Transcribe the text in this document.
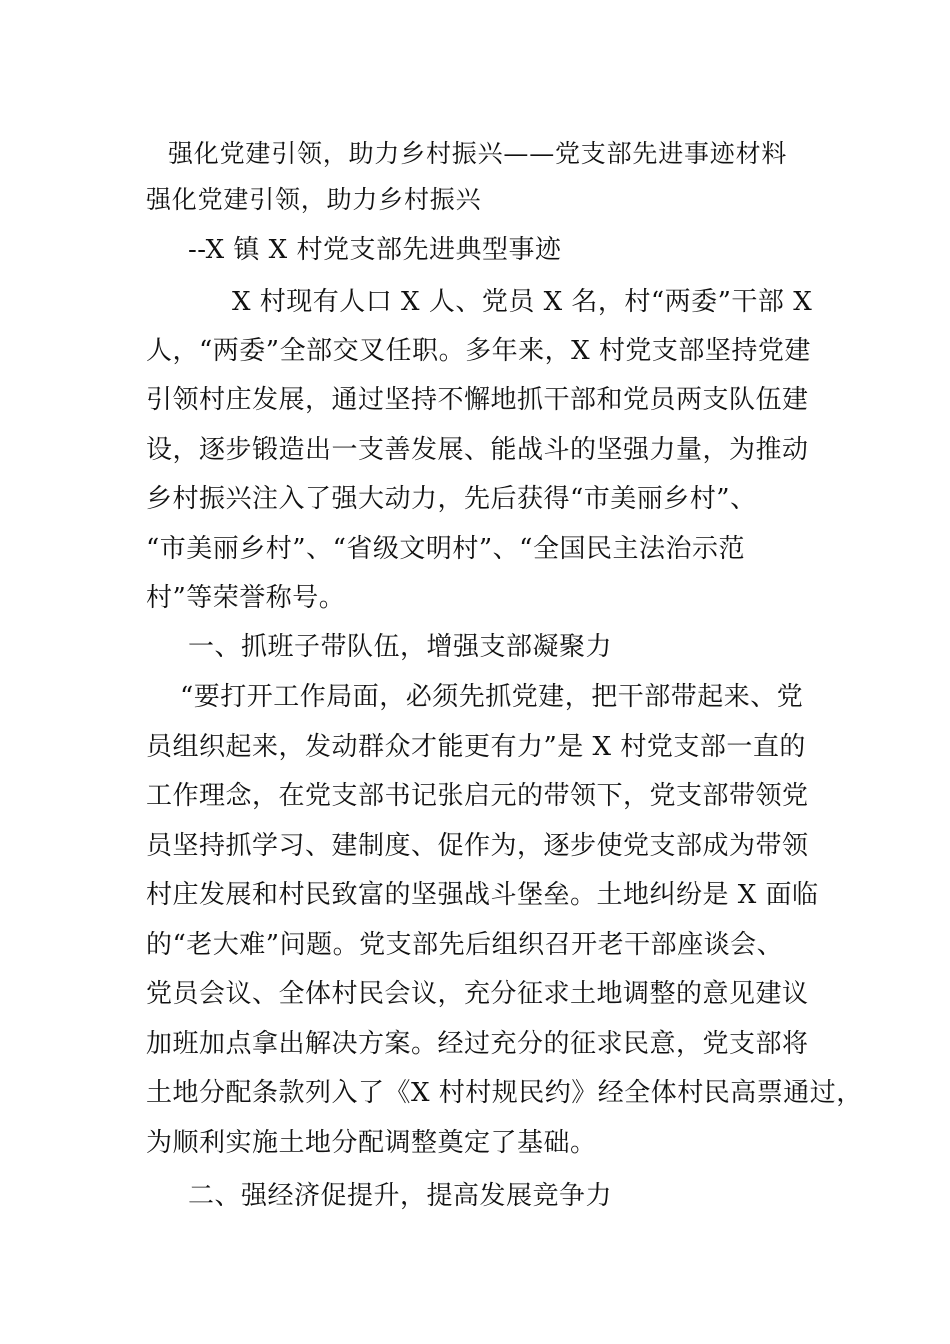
强化党建引领，助力乡村振兴——党支部先进事迹材料
强化党建引领，助力乡村振兴
--X 镇 X 村党支部先进典型事迹
X 村现有人口 X 人、党员 X 名，村“两委”干部 X
人，“两委”全部交叉任职。多年来，X 村党支部坚持党建
引领村庄发展，通过坚持不懈地抓干部和党员两支队伍建
设，逐步锻造出一支善发展、能战斗的坚强力量，为推动
乡村振兴注入了强大动力，先后获得“市美丽乡村”、
“市美丽乡村”、“省级文明村”、“全国民主法治示范
村”等荣誉称号。
一、抓班子带队伍，增强支部凝聚力
“要打开工作局面，必须先抓党建，把干部带起来、党
员组织起来，发动群众才能更有力”是 X 村党支部一直的
工作理念，在党支部书记张启元的带领下，党支部带领党
员坚持抓学习、建制度、促作为，逐步使党支部成为带领
村庄发展和村民致富的坚强战斗堡垒。土地纠纷是 X 面临
的“老大难”问题。党支部先后组织召开老干部座谈会、
党员会议、全体村民会议，充分征求土地调整的意见建议
加班加点拿出解决方案。经过充分的征求民意，党支部将
土地分配条款列入了《X 村村规民约》经全体村民高票通过，
为顺利实施土地分配调整奠定了基础。
二、强经济促提升，提高发展竞争力
